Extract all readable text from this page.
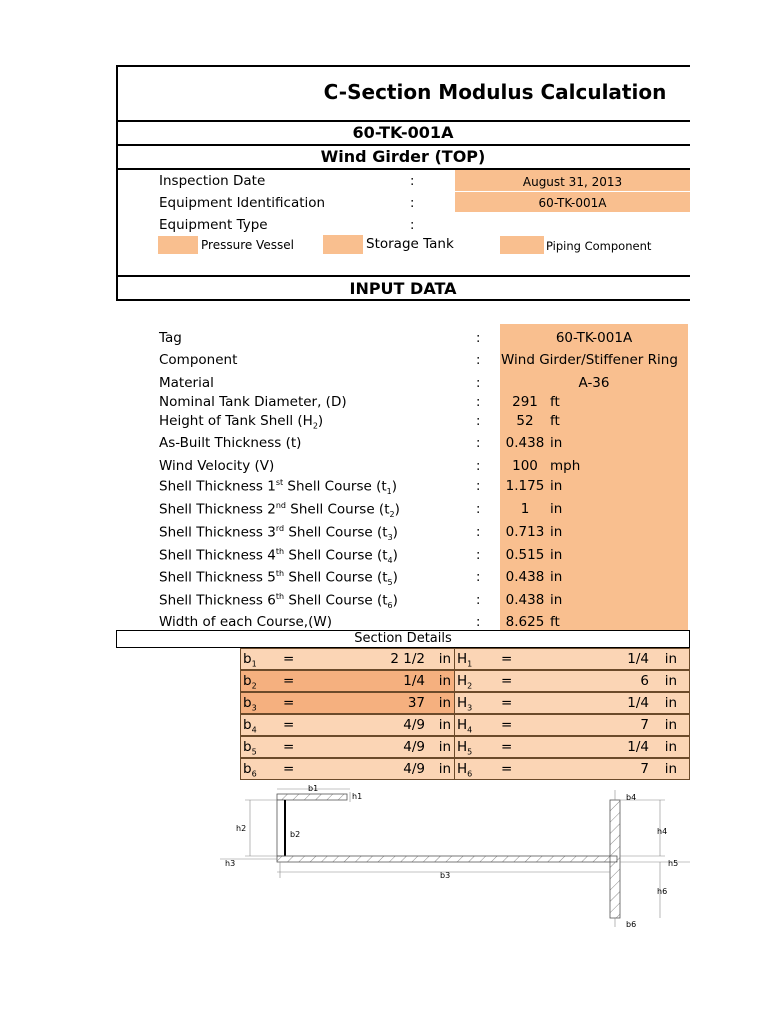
C-Section Modulus Calculation
60-TK-001A
Wind Girder (TOP)
Inspection Date	:	August 31, 2013
Equipment Identification	:	60-TK-001A
Equipment Type	:
Pressure Vessel	Storage Tank	Piping Component
INPUT DATA
Tag	:	60-TK-001A
Component	: Wind Girder/Stiffener Ring
Material	:	A-36
Nominal Tank Diameter, (D)	:	291 ft
Height of Tank Shell $(H_2)$	:	52 ft
As-Built Thickness (t)	:	0.438 in
Wind Velocity (V)	:	100 mph
Shell Thickness 1st Shell Course $(t_1)$	:	1.175 in
Shell Thickness 2nd Shell Course $(t_2)$	:	1 in
Shell Thickness 3rd Shell Course $(t_3)$	:	0.713 in
Shell Thickness 4th Shell Course $(t_4)$	:	0.515 in
Shell Thickness 5th Shell Course $(t_5)$	:	0.438 in
Shell Thickness 6th Shell Course $(t_6)$	:	0.438 in
Width of each Course,(W)	:	8.625 ft
Section Details
$b_1$ =	2 1/2 in $H_1$ =	1/4 in
$b_2$ =	1/4 in $H_2$ =	6 in
$b_3$ =	37 in $H_3$ =	1/4 in
$b_4$ =	4/9 in $H_4$ =	7 in
$b_5$ =	4/9 in $H_5$ =	1/4 in
$b_6$ =	4/9 in $H_6$ =	7 in
b1
h1
b2
h2
h3
b3
b4
h4
h5
h6
b6
